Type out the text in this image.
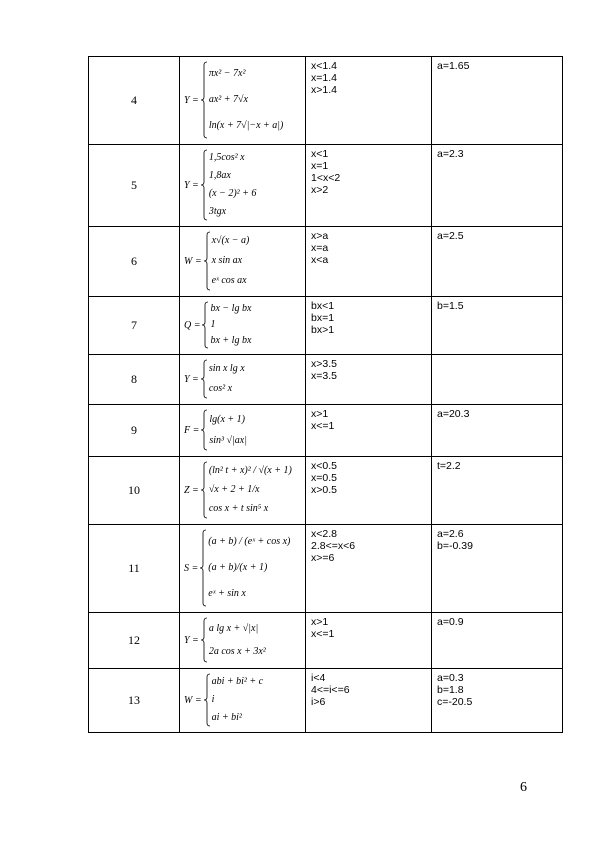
4	Y =
πx² − 7x²
ax² + 7√x
ln(x + 7√|−x + a|)	x<1.4
x=1.4
x>1.4	a=1.65

5	Y =
1,5cos² x
1,8ax
(x − 2)² + 6
3tgx	x<1
x=1
1<x<2
x>2	a=2.3

6	W =
x√(x − a)
x sin ax
eˣ cos ax	x>a
x=a
x<a	a=2.5

7	Q =
bx − lg bx
1
bx + lg bx	bx<1
bx=1
bx>1	b=1.5

8	Y =
sin x lg x
cos² x	x>3.5
x=3.5	

9	F =
lg(x + 1)
sin³ √|ax|	x>1
x<=1	a=20.3

10	Z =
(ln² t + x)² / √(x + 1)
√x + 2 + 1/x
cos x + t sin⁵ x	x<0.5
x=0.5
x>0.5	t=2.2

11	S =
(a + b) / (eˣ + cos x)
(a + b)/(x + 1)
eˣ + sin x	x<2.8
2.8<=x<6
x>=6	a=2.6
b=-0.39

12	Y =
a lg x + √|x|
2a cos x + 3x²	x>1
x<=1	a=0.9

13	W =
abi + bi² + c
i
ai + bi²	i<4
4<=i<=6
i>6	a=0.3
b=1.8
c=-20.5
6
